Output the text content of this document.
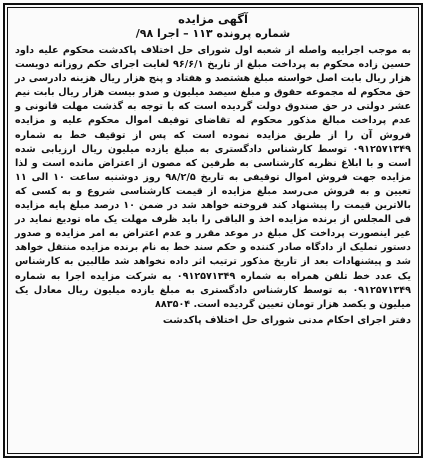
آگهی مزایده

شماره پرونده ۱۱۳ – اجرا ۹۸/

به موجب اجراییه واصله از شعبه اول شورای حل اختلاف پاکدشت محکوم علیه داود حسین زاده محکوم به پرداخت مبلغ از تاریخ ۹۶/۶/۱ لغایت اجرای حکم روزانه دویست هزار ریال بابت اصل خواسته مبلغ هشتصد و هفتاد و پنج هزار ریال هزینه دادرسی در حق محکوم له مجموعه حقوق و مبلغ سیصد میلیون و صدو بیست هزار ریال بابت نیم عشر دولتی در حق صندوق دولت گردیده است که با توجه به گذشت مهلت قانونی و عدم پرداخت مبالغ مذکور محکوم له تقاضای توقیف اموال محکوم علیه و مزایده فروش آن را از طریق مزایده نموده است که پس از توقیف خط به شماره ۰۹۱۲۵۷۱۳۴۹ توسط کارشناس دادگستری به مبلغ یازده میلیون ریال ارزیابی شده است و با ابلاغ نظریه کارشناسی به طرفین که مصون از اعتراض مانده است و لذا مزایده جهت فروش اموال توقیفی به تاریخ ۹۸/۲/۵ روز دوشنبه ساعت ۱۰ الی ۱۱ تعیین و به فروش می‌رسد مبلغ مزایده از قیمت کارشناسی شروع و به کسی که بالاترین قیمت را پیشنهاد کند فروخته خواهد شد در ضمن ۱۰ درصد مبلغ پایه مزایده فی المجلس از برنده مزایده اخذ و الباقی را باید ظرف مهلت یک ماه تودیع نماید در غیر اینصورت پرداخت کل مبلغ در موعد مقرر و عدم اعتراض به امر مزایده و صدور دستور تملیک از دادگاه صادر کننده و حکم سند خط به نام برنده مزایده منتقل خواهد شد و پیشنهادات بعد از تاریخ مذکور ترتیب اثر داده نخواهد شد طالبین به کارشناس یک عدد خط تلفن همراه به شماره ۰۹۱۲۵۷۱۳۴۹ به شرکت مزایده اجرا به شماره ۰۹۱۲۵۷۱۳۴۹ به توسط کارشناس دادگستری به مبلغ یازده میلیون ریال معادل یک میلیون و یکصد هزار تومان تعیین گردیده است. ۸۸۳۵۰۴

دفتر اجرای احکام مدنی شورای حل اختلاف پاکدشت
